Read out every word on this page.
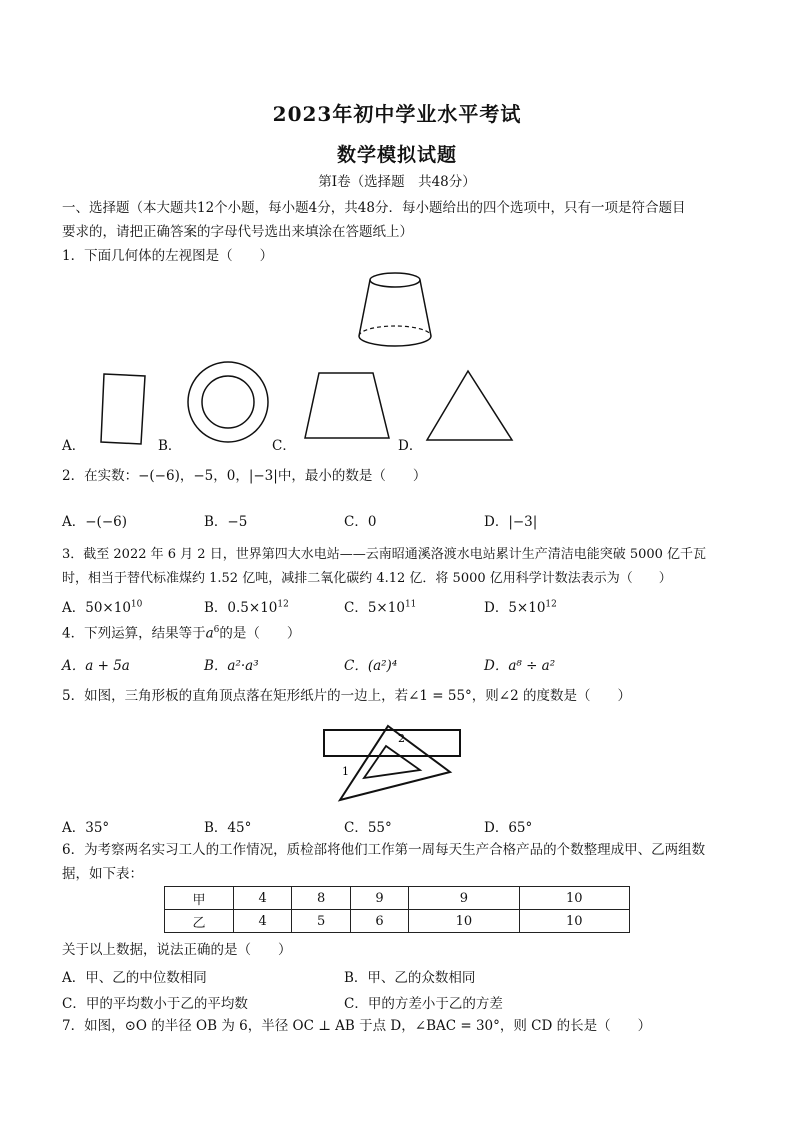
2023年初中学业水平考试
数学模拟试题
第Ⅰ卷（选择题　共48分）
一、选择题（本大题共12个小题，每小题4分，共48分．每小题给出的四个选项中，只有一项是符合题目
要求的，请把正确答案的字母代号选出来填涂在答题纸上）
1．下面几何体的左视图是（　　）
A．	B．	C．	D．
2．在实数：−(−6)，−5，0，|−3|中，最小的数是（　　）
A．−(−6)	B．−5	C．0	D．|−3|
3．截至 2022 年 6 月 2 日，世界第四大水电站——云南昭通溪洛渡水电站累计生产清洁电能突破 5000 亿千瓦
时，相当于替代标准煤约 1.52 亿吨，减排二氧化碳约 4.12 亿．将 5000 亿用科学计数法表示为（　　）
A．$50\times 10^{10}$	B．$0.5\times 10^{12}$	C．$5\times 10^{11}$	D．$5\times 10^{12}$
4．下列运算，结果等于$a^6$的是（　　）
A．a + 5a	B．a²·a³	C．(a²)⁴	D．a⁸ ÷ a²
5．如图，三角形板的直角顶点落在矩形纸片的一边上，若∠1 = 55°，则∠2 的度数是（　　）
1
2
A．35°	B．45°	C．55°	D．65°
6．为考察两名实习工人的工作情况，质检部将他们工作第一周每天生产合格产品的个数整理成甲、乙两组数
据，如下表：
甲	4	8	9	9	10
乙	4	5	6	10	10
关于以上数据，说法正确的是（　　）
A．甲、乙的中位数相同	B．甲、乙的众数相同
C．甲的平均数小于乙的平均数	C．甲的方差小于乙的方差
7．如图，⊙O 的半径 OB 为 6，半径 OC ⊥ AB 于点 D，∠BAC = 30°，则 CD 的长是（　　）
